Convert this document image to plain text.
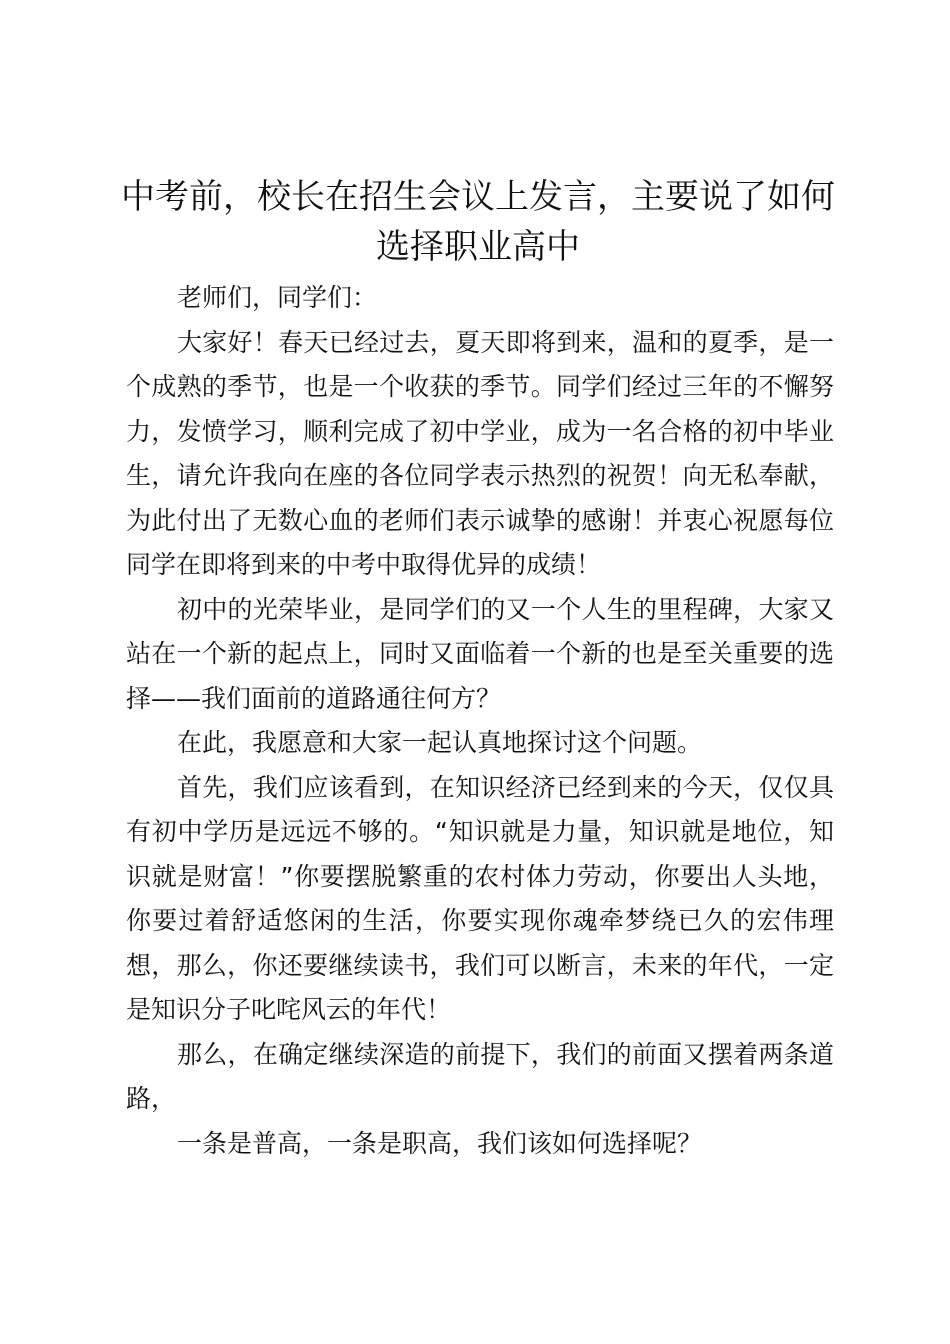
中考前，校长在招生会议上发言，主要说了如何选择职业高中

老师们，同学们：

大家好！春天已经过去，夏天即将到来，温和的夏季，是一个成熟的季节，也是一个收获的季节。同学们经过三年的不懈努力，发愤学习，顺利完成了初中学业，成为一名合格的初中毕业生，请允许我向在座的各位同学表示热烈的祝贺！向无私奉献，为此付出了无数心血的老师们表示诚挚的感谢！并衷心祝愿每位同学在即将到来的中考中取得优异的成绩！

初中的光荣毕业，是同学们的又一个人生的里程碑，大家又站在一个新的起点上，同时又面临着一个新的也是至关重要的选择——我们面前的道路通往何方？

在此，我愿意和大家一起认真地探讨这个问题。

首先，我们应该看到，在知识经济已经到来的今天，仅仅具有初中学历是远远不够的。“知识就是力量，知识就是地位，知识就是财富！”你要摆脱繁重的农村体力劳动，你要出人头地，你要过着舒适悠闲的生活，你要实现你魂牵梦绕已久的宏伟理想，那么，你还要继续读书，我们可以断言，未来的年代，一定是知识分子叱咤风云的年代！

那么，在确定继续深造的前提下，我们的前面又摆着两条道路，

一条是普高，一条是职高，我们该如何选择呢？
